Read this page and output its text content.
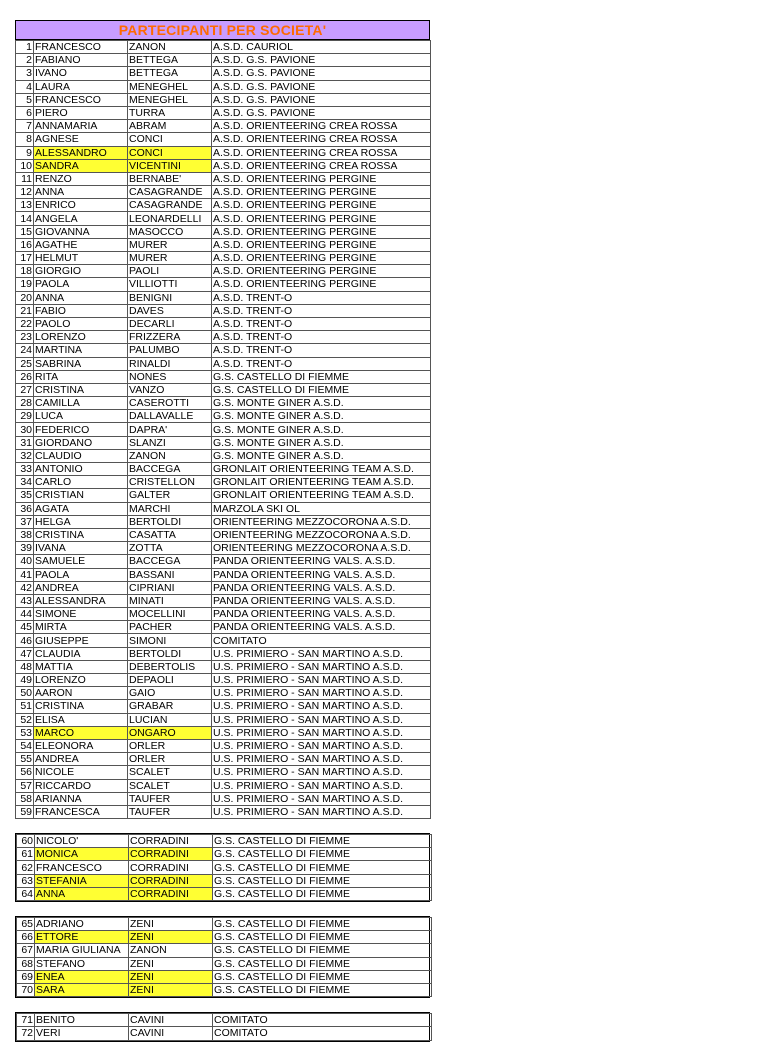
PARTECIPANTI PER SOCIETA'
1	FRANCESCO	ZANON	A.S.D. CAURIOL
2	FABIANO	BETTEGA	A.S.D. G.S. PAVIONE
3	IVANO	BETTEGA	A.S.D. G.S. PAVIONE
4	LAURA	MENEGHEL	A.S.D. G.S. PAVIONE
5	FRANCESCO	MENEGHEL	A.S.D. G.S. PAVIONE
6	PIERO	TURRA	A.S.D. G.S. PAVIONE
7	ANNAMARIA	ABRAM	A.S.D. ORIENTEERING CREA ROSSA
8	AGNESE	CONCI	A.S.D. ORIENTEERING CREA ROSSA
9	ALESSANDRO	CONCI	A.S.D. ORIENTEERING CREA ROSSA
10	SANDRA	VICENTINI	A.S.D. ORIENTEERING CREA ROSSA
11	RENZO	BERNABE'	A.S.D. ORIENTEERING PERGINE
12	ANNA	CASAGRANDE	A.S.D. ORIENTEERING PERGINE
13	ENRICO	CASAGRANDE	A.S.D. ORIENTEERING PERGINE
14	ANGELA	LEONARDELLI	A.S.D. ORIENTEERING PERGINE
15	GIOVANNA	MASOCCO	A.S.D. ORIENTEERING PERGINE
16	AGATHE	MURER	A.S.D. ORIENTEERING PERGINE
17	HELMUT	MURER	A.S.D. ORIENTEERING PERGINE
18	GIORGIO	PAOLI	A.S.D. ORIENTEERING PERGINE
19	PAOLA	VILLIOTTI	A.S.D. ORIENTEERING PERGINE
20	ANNA	BENIGNI	A.S.D. TRENT-O
21	FABIO	DAVES	A.S.D. TRENT-O
22	PAOLO	DECARLI	A.S.D. TRENT-O
23	LORENZO	FRIZZERA	A.S.D. TRENT-O
24	MARTINA	PALUMBO	A.S.D. TRENT-O
25	SABRINA	RINALDI	A.S.D. TRENT-O
26	RITA	NONES	G.S. CASTELLO DI FIEMME
27	CRISTINA	VANZO	G.S. CASTELLO DI FIEMME
28	CAMILLA	CASEROTTI	G.S. MONTE GINER A.S.D.
29	LUCA	DALLAVALLE	G.S. MONTE GINER A.S.D.
30	FEDERICO	DAPRA'	G.S. MONTE GINER A.S.D.
31	GIORDANO	SLANZI	G.S. MONTE GINER A.S.D.
32	CLAUDIO	ZANON	G.S. MONTE GINER A.S.D.
33	ANTONIO	BACCEGA	GRONLAIT ORIENTEERING TEAM A.S.D.
34	CARLO	CRISTELLON	GRONLAIT ORIENTEERING TEAM A.S.D.
35	CRISTIAN	GALTER	GRONLAIT ORIENTEERING TEAM A.S.D.
36	AGATA	MARCHI	MARZOLA SKI OL
37	HELGA	BERTOLDI	ORIENTEERING MEZZOCORONA A.S.D.
38	CRISTINA	CASATTA	ORIENTEERING MEZZOCORONA A.S.D.
39	IVANA	ZOTTA	ORIENTEERING MEZZOCORONA A.S.D.
40	SAMUELE	BACCEGA	PANDA ORIENTEERING VALS. A.S.D.
41	PAOLA	BASSANI	PANDA ORIENTEERING VALS. A.S.D.
42	ANDREA	CIPRIANI	PANDA ORIENTEERING VALS. A.S.D.
43	ALESSANDRA	MINATI	PANDA ORIENTEERING VALS. A.S.D.
44	SIMONE	MOCELLINI	PANDA ORIENTEERING VALS. A.S.D.
45	MIRTA	PACHER	PANDA ORIENTEERING VALS. A.S.D.
46	GIUSEPPE	SIMONI	COMITATO
47	CLAUDIA	BERTOLDI	U.S. PRIMIERO - SAN MARTINO A.S.D.
48	MATTIA	DEBERTOLIS	U.S. PRIMIERO - SAN MARTINO A.S.D.
49	LORENZO	DEPAOLI	U.S. PRIMIERO - SAN MARTINO A.S.D.
50	AARON	GAIO	U.S. PRIMIERO - SAN MARTINO A.S.D.
51	CRISTINA	GRABAR	U.S. PRIMIERO - SAN MARTINO A.S.D.
52	ELISA	LUCIAN	U.S. PRIMIERO - SAN MARTINO A.S.D.
53	MARCO	ONGARO	U.S. PRIMIERO - SAN MARTINO A.S.D.
54	ELEONORA	ORLER	U.S. PRIMIERO - SAN MARTINO A.S.D.
55	ANDREA	ORLER	U.S. PRIMIERO - SAN MARTINO A.S.D.
56	NICOLE	SCALET	U.S. PRIMIERO - SAN MARTINO A.S.D.
57	RICCARDO	SCALET	U.S. PRIMIERO - SAN MARTINO A.S.D.
58	ARIANNA	TAUFER	U.S. PRIMIERO - SAN MARTINO A.S.D.
59	FRANCESCA	TAUFER	U.S. PRIMIERO - SAN MARTINO A.S.D.
60	NICOLO'	CORRADINI	G.S. CASTELLO DI FIEMME
61	MONICA	CORRADINI	G.S. CASTELLO DI FIEMME
62	FRANCESCO	CORRADINI	G.S. CASTELLO DI FIEMME
63	STEFANIA	CORRADINI	G.S. CASTELLO DI FIEMME
64	ANNA	CORRADINI	G.S. CASTELLO DI FIEMME
65	ADRIANO	ZENI	G.S. CASTELLO DI FIEMME
66	ETTORE	ZENI	G.S. CASTELLO DI FIEMME
67	MARIA GIULIANA	ZANON	G.S. CASTELLO DI FIEMME
68	STEFANO	ZENI	G.S. CASTELLO DI FIEMME
69	ENEA	ZENI	G.S. CASTELLO DI FIEMME
70	SARA	ZENI	G.S. CASTELLO DI FIEMME
71	BENITO	CAVINI	COMITATO
72	VERI	CAVINI	COMITATO
